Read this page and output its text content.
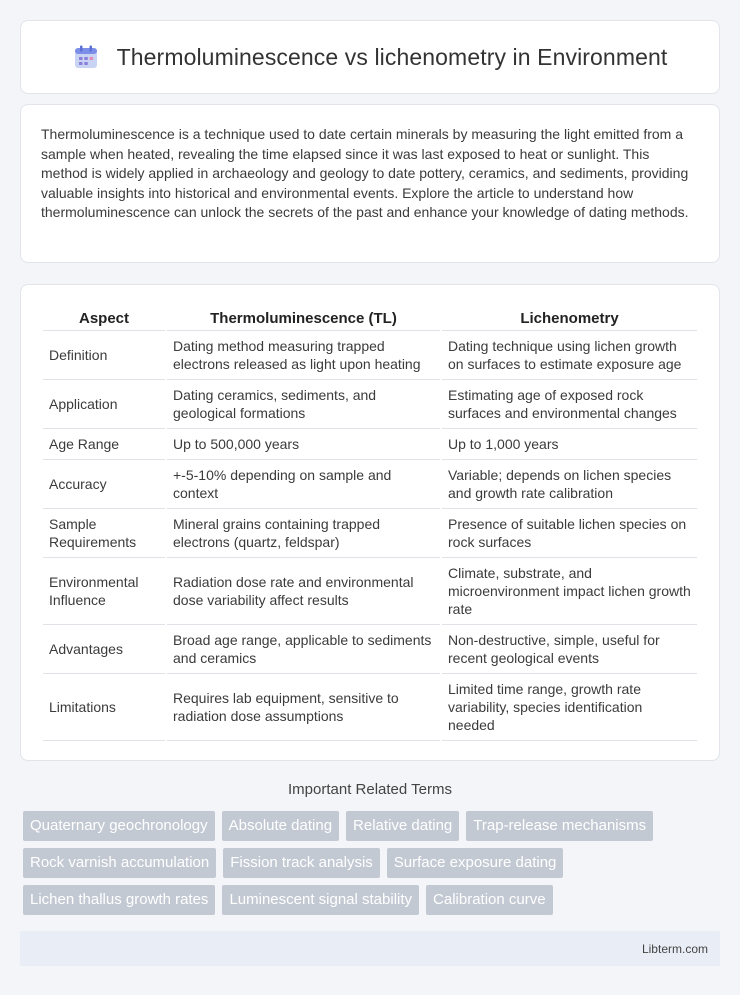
Thermoluminescence vs lichenometry in Environment

Thermoluminescence is a technique used to date certain minerals by measuring the light emitted from a sample when heated, revealing the time elapsed since it was last exposed to heat or sunlight. This method is widely applied in archaeology and geology to date pottery, ceramics, and sediments, providing valuable insights into historical and environmental events. Explore the article to understand how thermoluminescence can unlock the secrets of the past and enhance your knowledge of dating methods.

Aspect	Thermoluminescence (TL)	Lichenometry
Definition	Dating method measuring trapped electrons released as light upon heating	Dating technique using lichen growth on surfaces to estimate exposure age
Application	Dating ceramics, sediments, and geological formations	Estimating age of exposed rock surfaces and environmental changes
Age Range	Up to 500,000 years	Up to 1,000 years
Accuracy	+-5-10% depending on sample and context	Variable; depends on lichen species and growth rate calibration
Sample Requirements	Mineral grains containing trapped electrons (quartz, feldspar)	Presence of suitable lichen species on rock surfaces
Environmental Influence	Radiation dose rate and environmental dose variability affect results	Climate, substrate, and microenvironment impact lichen growth rate
Advantages	Broad age range, applicable to sediments and ceramics	Non-destructive, simple, useful for recent geological events
Limitations	Requires lab equipment, sensitive to radiation dose assumptions	Limited time range, growth rate variability, species identification needed
Important Related Terms
Quaternary geochronology	Absolute dating	Relative dating	Trap-release mechanisms
Rock varnish accumulation	Fission track analysis	Surface exposure dating
Lichen thallus growth rates	Luminescent signal stability	Calibration curve
Libterm.com
